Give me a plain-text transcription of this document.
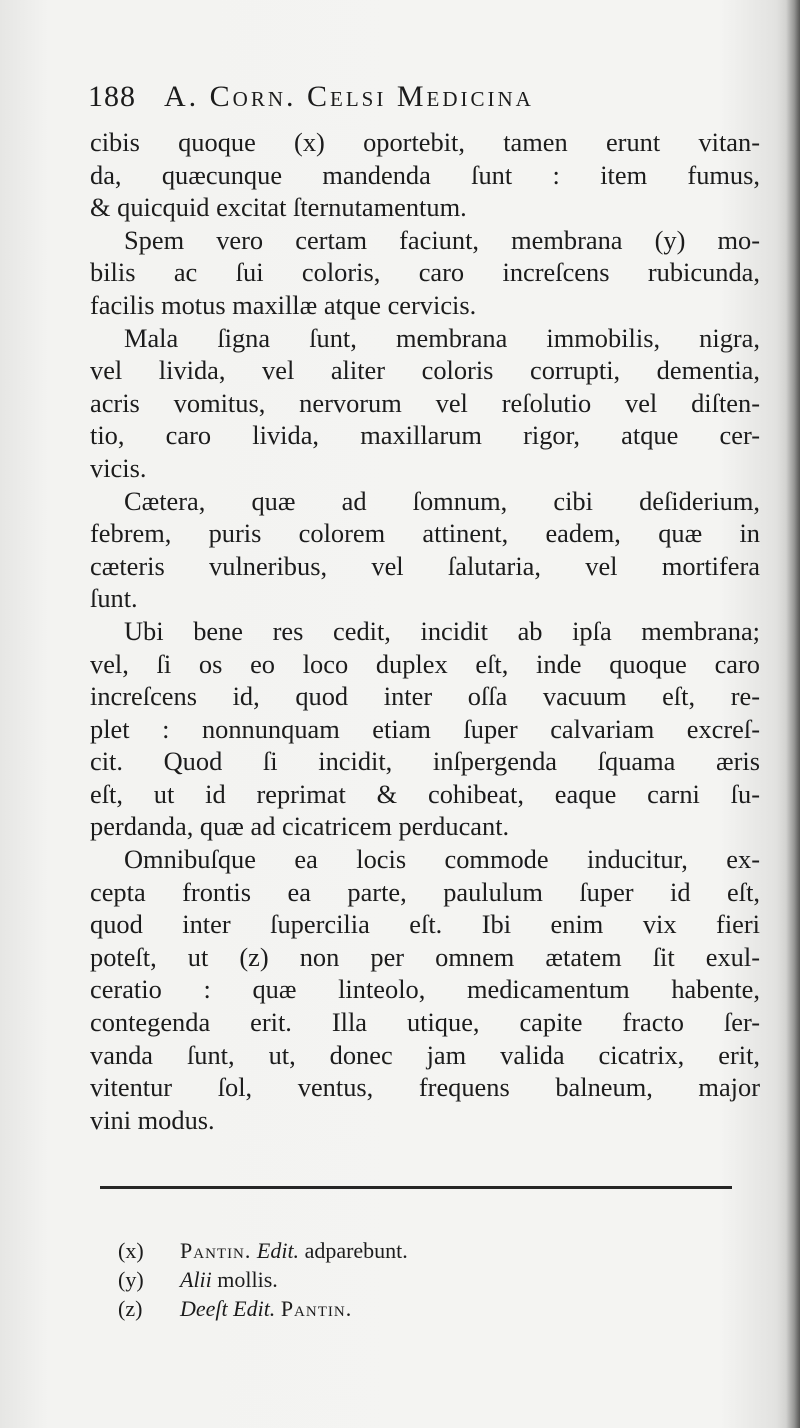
188 A. Corn. Celsi Medicina
cibis quoque (x) oportebit, tamen erunt vitan-
da, quæcunque mandenda ſunt : item fumus,
& quicquid excitat ſternutamentum.
Spem vero certam faciunt, membrana (y) mo-
bilis ac ſui coloris, caro increſcens rubicunda,
facilis motus maxillæ atque cervicis.
Mala ſigna ſunt, membrana immobilis, nigra,
vel livida, vel aliter coloris corrupti, dementia,
acris vomitus, nervorum vel reſolutio vel diſten-
tio, caro livida, maxillarum rigor, atque cer-
vicis.
Cætera, quæ ad ſomnum, cibi deſiderium,
febrem, puris colorem attinent, eadem, quæ in
cæteris vulneribus, vel ſalutaria, vel mortifera
ſunt.
Ubi bene res cedit, incidit ab ipſa membrana;
vel, ſi os eo loco duplex eſt, inde quoque caro
increſcens id, quod inter oſſa vacuum eſt, re-
plet : nonnunquam etiam ſuper calvariam excreſ-
cit. Quod ſi incidit, inſpergenda ſquama æris
eſt, ut id reprimat & cohibeat, eaque carni ſu-
perdanda, quæ ad cicatricem perducant.
Omnibuſque ea locis commode inducitur, ex-
cepta frontis ea parte, paululum ſuper id eſt,
quod inter ſupercilia eſt. Ibi enim vix fieri
poteſt, ut (z) non per omnem ætatem ſit exul-
ceratio : quæ linteolo, medicamentum habente,
contegenda erit. Illa utique, capite fracto ſer-
vanda ſunt, ut, donec jam valida cicatrix, erit,
vitentur ſol, ventus, frequens balneum, major
vini modus.
(x) Pantin. Edit. adparebunt.
(y) Alii mollis.
(z) Deeſt Edit. Pantin.
